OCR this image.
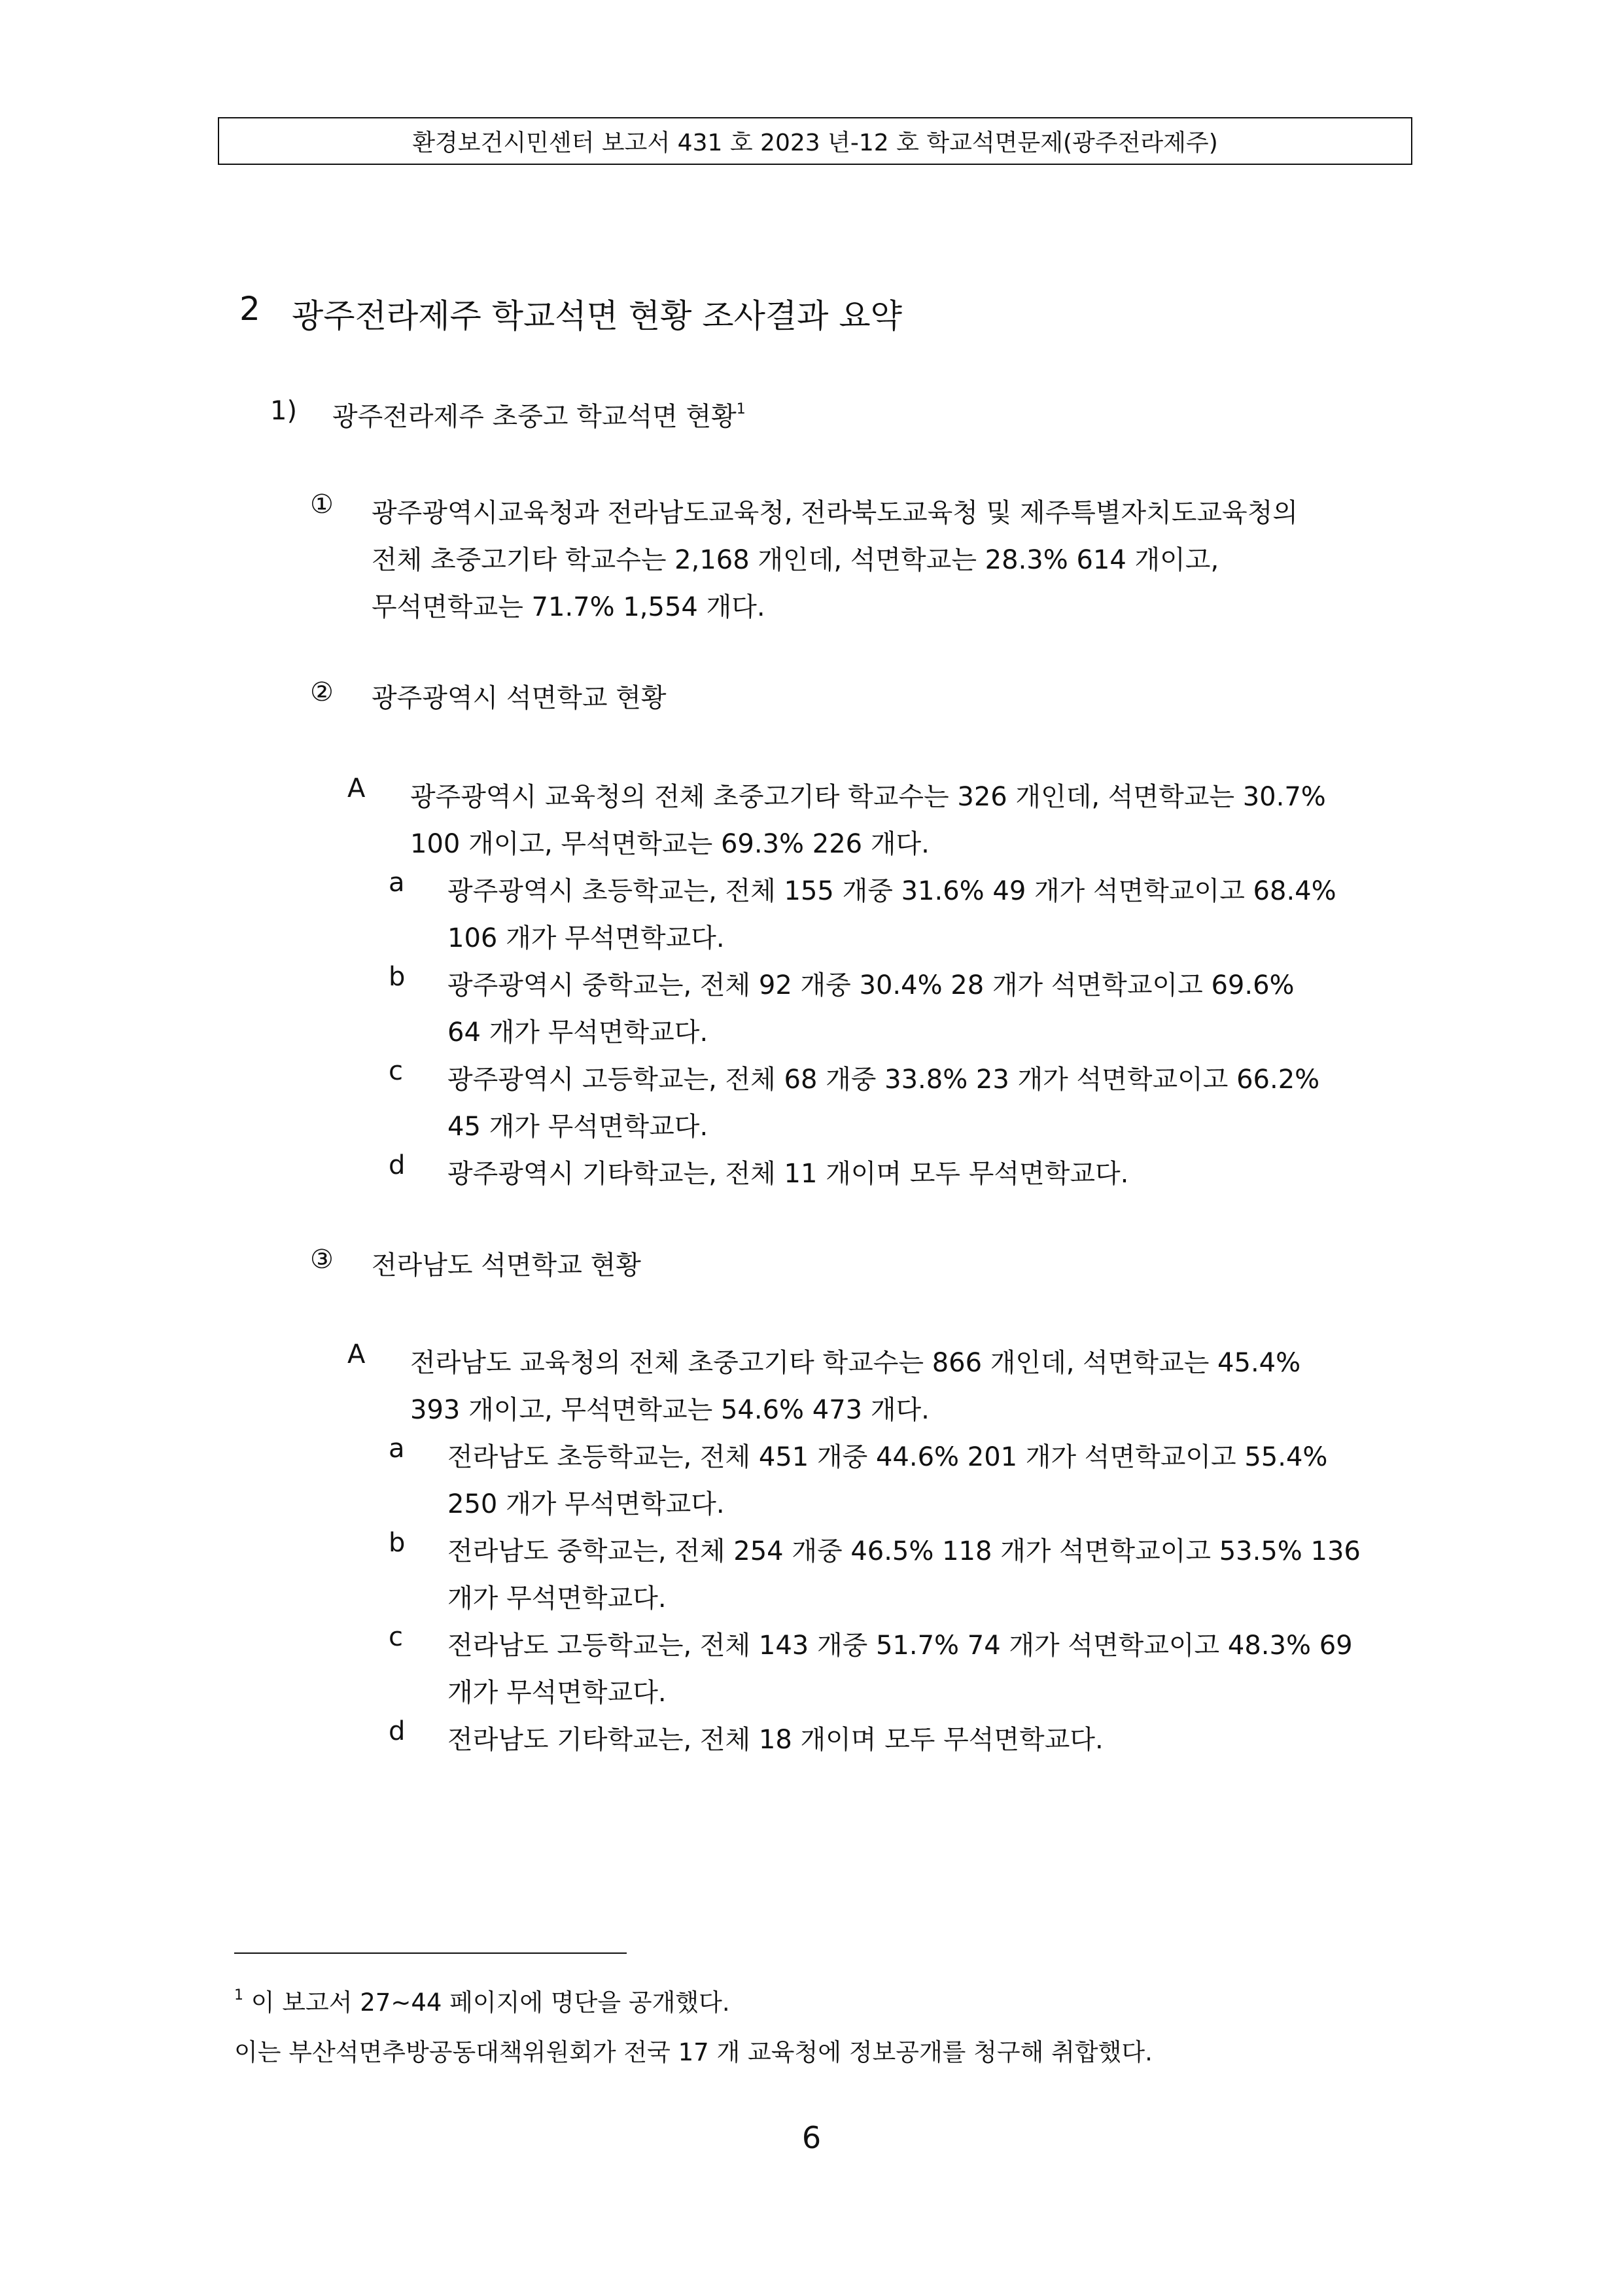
환경보건시민센터 보고서 431 호 2023 년-12 호 학교석면문제(광주전라제주)
2 광주전라제주 학교석면 현황 조사결과 요약
1) 광주전라제주 초중고 학교석면 현황$^1$
① 광주광역시교육청과 전라남도교육청, 전라북도교육청 및 제주특별자치도교육청의
전체 초중고기타 학교수는 2,168 개인데, 석면학교는 28.3% 614 개이고,
무석면학교는 71.7% 1,554 개다.
② 광주광역시 석면학교 현황
A 광주광역시 교육청의 전체 초중고기타 학교수는 326 개인데, 석면학교는 30.7%
100 개이고, 무석면학교는 69.3% 226 개다.
a 광주광역시 초등학교는, 전체 155 개중 31.6% 49 개가 석면학교이고 68.4%
106 개가 무석면학교다.
b 광주광역시 중학교는, 전체 92 개중 30.4% 28 개가 석면학교이고 69.6%
64 개가 무석면학교다.
c 광주광역시 고등학교는, 전체 68 개중 33.8% 23 개가 석면학교이고 66.2%
45 개가 무석면학교다.
d 광주광역시 기타학교는, 전체 11 개이며 모두 무석면학교다.
③ 전라남도 석면학교 현황
A 전라남도 교육청의 전체 초중고기타 학교수는 866 개인데, 석면학교는 45.4%
393 개이고, 무석면학교는 54.6% 473 개다.
a 전라남도 초등학교는, 전체 451 개중 44.6% 201 개가 석면학교이고 55.4%
250 개가 무석면학교다.
b 전라남도 중학교는, 전체 254 개중 46.5% 118 개가 석면학교이고 53.5% 136
개가 무석면학교다.
c 전라남도 고등학교는, 전체 143 개중 51.7% 74 개가 석면학교이고 48.3% 69
개가 무석면학교다.
d 전라남도 기타학교는, 전체 18 개이며 모두 무석면학교다.
$^1$ 이 보고서 27~44 페이지에 명단을 공개했다.
이는 부산석면추방공동대책위원회가 전국 17 개 교육청에 정보공개를 청구해 취합했다.
6
